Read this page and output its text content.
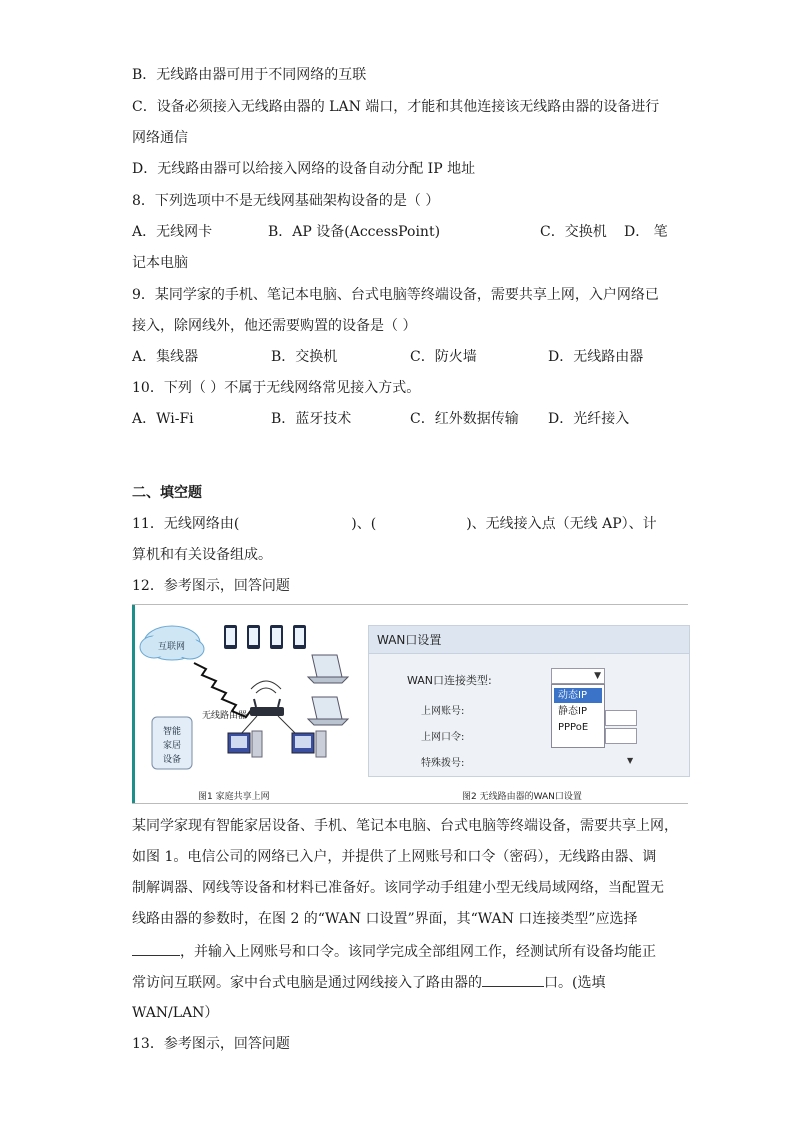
B．无线路由器可用于不同网络的互联
C．设备必须接入无线路由器的 LAN 端口，才能和其他连接该无线路由器的设备进行
网络通信
D．无线路由器可以给接入网络的设备自动分配 IP 地址
8．下列选项中不是无线网基础架构设备的是（ ）
A．无线网卡	B．AP 设备(AccessPoint)	C．交换机 D． 笔
记本电脑
9．某同学家的手机、笔记本电脑、台式电脑等终端设备，需要共享上网，入户网络已
接入，除网线外，他还需要购置的设备是（ ）
A．集线器	B．交换机	C．防火墙	D．无线路由器
10．下列（ ）不属于无线网络常见接入方式。
A．Wi-Fi	B．蓝牙技术	C．红外数据传输 D．光纤接入
二、填空题
11．无线网络由(	)、(	)、无线接入点（无线 AP）、计
算机和有关设备组成。
12．参考图示，回答问题
互联网
无线路由器
智能
家居
设备
WAN口设置
WAN口连接类型:
上网账号:
上网口令:
特殊拨号:
▼
动态IP
静态IP
PPPoE
▼
图1 家庭共享上网	图2 无线路由器的WAN口设置
某同学家现有智能家居设备、手机、笔记本电脑、台式电脑等终端设备，需要共享上网，
如图 1。电信公司的网络已入户，并提供了上网账号和口令（密码），无线路由器、调
制解调器、网线等设备和材料已准备好。该同学动手组建小型无线局域网络，当配置无
线路由器的参数时，在图 2 的“WAN 口设置”界面，其“WAN 口连接类型”应选择
，并输入上网账号和口令。该同学完成全部组网工作，经测试所有设备均能正
常访问互联网。家中台式电脑是通过网线接入了路由器的	口。(选填
WAN/LAN）
13．参考图示，回答问题
